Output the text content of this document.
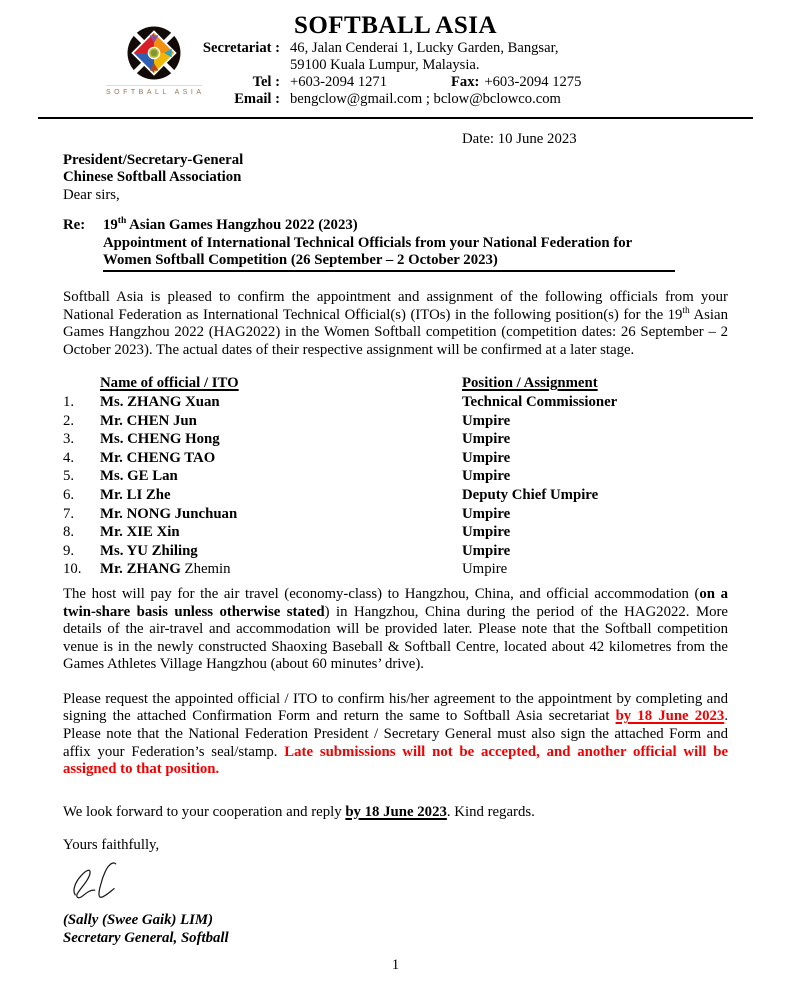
SOFTBALL ASIA
SOFTBALL ASIA
Secretariat : 46, Jalan Cenderai 1, Lucky Garden, Bangsar,
59100 Kuala Lumpur, Malaysia.
Tel : +603-2094 1271	Fax: +603-2094 1275
Email : bengclow@gmail.com ; bclow@bclowco.com
Date: 10 June 2023
President/Secretary-General
Chinese Softball Association
Dear sirs,
Re:	19th Asian Games Hangzhou 2022 (2023)
Appointment of International Technical Officials from your National Federation for
Women Softball Competition (26 September – 2 October 2023)
Softball Asia is pleased to confirm the appointment and assignment of the following officials from your National Federation as International Technical Official(s) (ITOs) in the following position(s) for the 19th Asian Games Hangzhou 2022 (HAG2022) in the Women Softball competition (competition dates: 26 September – 2 October 2023). The actual dates of their respective assignment will be confirmed at a later stage.
Name of official / ITO	Position / Assignment
1.	Ms. ZHANG Xuan	Technical Commissioner
2.	Mr. CHEN Jun	Umpire
3.	Ms. CHENG Hong	Umpire
4.	Mr. CHENG TAO	Umpire
5.	Ms. GE Lan	Umpire
6.	Mr. LI Zhe	Deputy Chief Umpire
7.	Mr. NONG Junchuan	Umpire
8.	Mr. XIE Xin	Umpire
9.	Ms. YU Zhiling	Umpire
10.	Mr. ZHANG Zhemin	Umpire
The host will pay for the air travel (economy-class) to Hangzhou, China, and official accommodation (on a twin-share basis unless otherwise stated) in Hangzhou, China during the period of the HAG2022. More details of the air-travel and accommodation will be provided later. Please note that the Softball competition venue is in the newly constructed Shaoxing Baseball & Softball Centre, located about 42 kilometres from the Games Athletes Village Hangzhou (about 60 minutes’ drive).
Please request the appointed official / ITO to confirm his/her agreement to the appointment by completing and signing the attached Confirmation Form and return the same to Softball Asia secretariat by 18 June 2023. Please note that the National Federation President / Secretary General must also sign the attached Form and affix your Federation’s seal/stamp. Late submissions will not be accepted, and another official will be assigned to that position.
We look forward to your cooperation and reply by 18 June 2023. Kind regards.
Yours faithfully,
(Sally (Swee Gaik) LIM)
Secretary General, Softball
1
